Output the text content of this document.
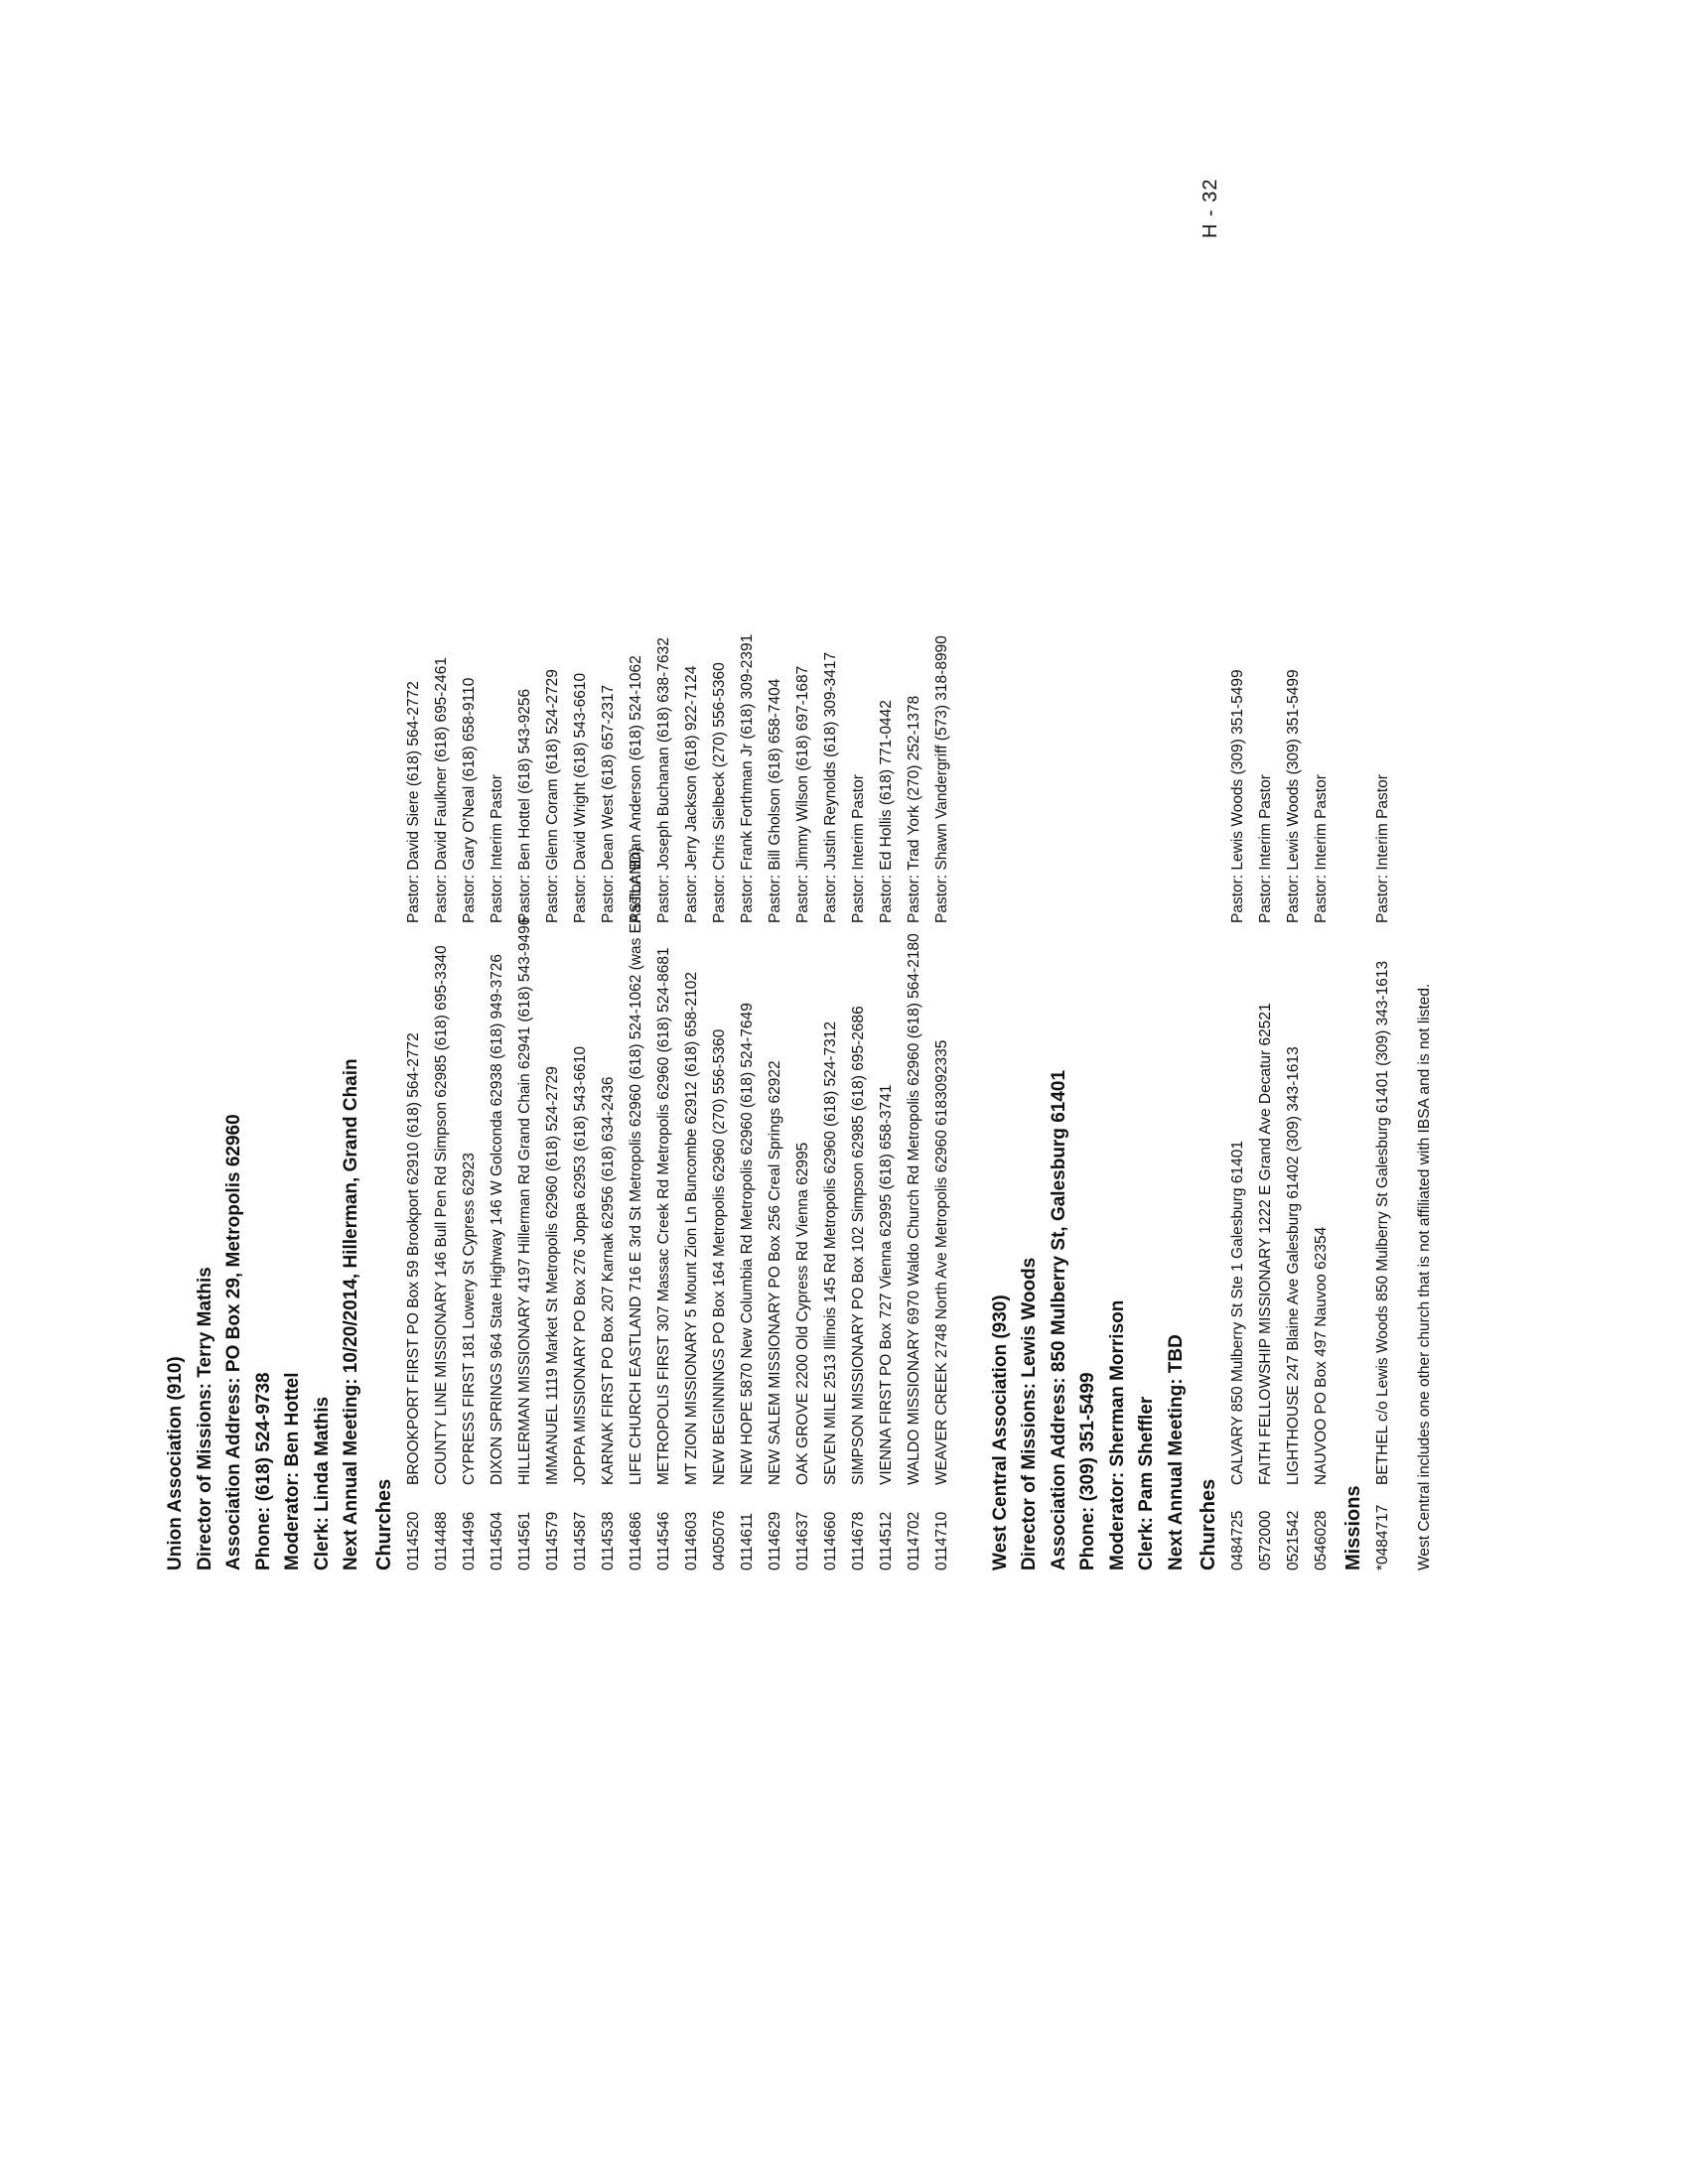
H - 32
Union Association (910) Director of Missions: Terry Mathis Association Address: PO Box 29, Metropolis 62960 Phone: (618) 524-9738 Moderator: Ben Hottel Clerk: Linda Mathis Next Annual Meeting: 10/20/2014, Hillerman, Grand Chain Churches 0114520
BROOKPORT FIRST PO Box 59 Brookport 62910 (618) 564-2772
Pastor: David Siere (618) 564-2772
0114488
COUNTY LINE MISSIONARY 146 Bull Pen Rd Simpson 62985 (618) 695-3340
Pastor: David Faulkner (618) 695-2461
0114496
CYPRESS FIRST 181 Lowery St Cypress 62923
Pastor: Gary O'Neal (618) 658-9110
0114504
DIXON SPRINGS 964 State Highway 146 W Golconda 62938 (618) 949-3726
Pastor: Interim Pastor
0114561
HILLERMAN MISSIONARY 4197 Hillerman Rd Grand Chain 62941 (618) 543-9496
Pastor: Ben Hottel (618) 543-9256
0114579
IMMANUEL 1119 Market St Metropolis 62960 (618) 524-2729
Pastor: Glenn Coram (618) 524-2729
0114587
JOPPA MISSIONARY PO Box 276 Joppa 62953 (618) 543-6610
Pastor: David Wright (618) 543-6610
0114538
KARNAK FIRST PO Box 207 Karnak 62956 (618) 634-2436
Pastor: Dean West (618) 657-2317
0114686
LIFE CHURCH EASTLAND 716 E 3rd St Metropolis 62960 (618) 524-1062 (was EASTLAND)
Pastor: Brian Anderson (618) 524-1062
0114546
METROPOLIS FIRST 307 Massac Creek Rd Metropolis 62960 (618) 524-8681
Pastor: Joseph Buchanan (618) 638-7632
0114603
MT ZION MISSIONARY 5 Mount Zion Ln Buncombe 62912 (618) 658-2102
Pastor: Jerry Jackson (618) 922-7124
0405076
NEW BEGINNINGS PO Box 164 Metropolis 62960 (270) 556-5360
Pastor: Chris Sielbeck (270) 556-5360
0114611
NEW HOPE 5870 New Columbia Rd Metropolis 62960 (618) 524-7649
Pastor: Frank Forthman Jr (618) 309-2391
0114629
NEW SALEM MISSIONARY PO Box 256 Creal Springs 62922
Pastor: Bill Gholson (618) 658-7404
0114637
OAK GROVE 2200 Old Cypress Rd Vienna 62995
Pastor: Jimmy Wilson (618) 697-1687
0114660
SEVEN MILE 2513 Illinois 145 Rd Metropolis 62960 (618) 524-7312
Pastor: Justin Reynolds (618) 309-3417
0114678
SIMPSON MISSIONARY PO Box 102 Simpson 62985 (618) 695-2686
Pastor: Interim Pastor
0114512
VIENNA FIRST PO Box 727 Vienna 62995 (618) 658-3741
Pastor: Ed Hollis (618) 771-0442
0114702
WALDO MISSIONARY 6970 Waldo Church Rd Metropolis 62960 (618) 564-2180
Pastor: Trad York (270) 252-1378
0114710
WEAVER CREEK 2748 North Ave Metropolis 62960 6183092335
Pastor: Shawn Vandergriff (573) 318-8990
West Central Association (930) Director of Missions: Lewis Woods Association Address: 850 Mulberry St, Galesburg 61401 Phone: (309) 351-5499 Moderator: Sherman Morrison Clerk: Pam Sheffler Next Annual Meeting: TBD Churches 0484725
CALVARY 850 Mulberry St Ste 1 Galesburg 61401
Pastor: Lewis Woods (309) 351-5499
0572000
FAITH FELLOWSHIP MISSIONARY 1222 E Grand Ave Decatur 62521
Pastor: Interim Pastor
0521542
LIGHTHOUSE 247 Blaine Ave Galesburg 61402 (309) 343-1613
Pastor: Lewis Woods (309) 351-5499
0546028
NAUVOO PO Box 497 Nauvoo 62354
Pastor: Interim Pastor
Missions *0484717
BETHEL c/o Lewis Woods 850 Mulberry St Galesburg 61401 (309) 343-1613
Pastor: Interim Pastor
West Central includes one other church that is not affiliated with IBSA and is not listed.
